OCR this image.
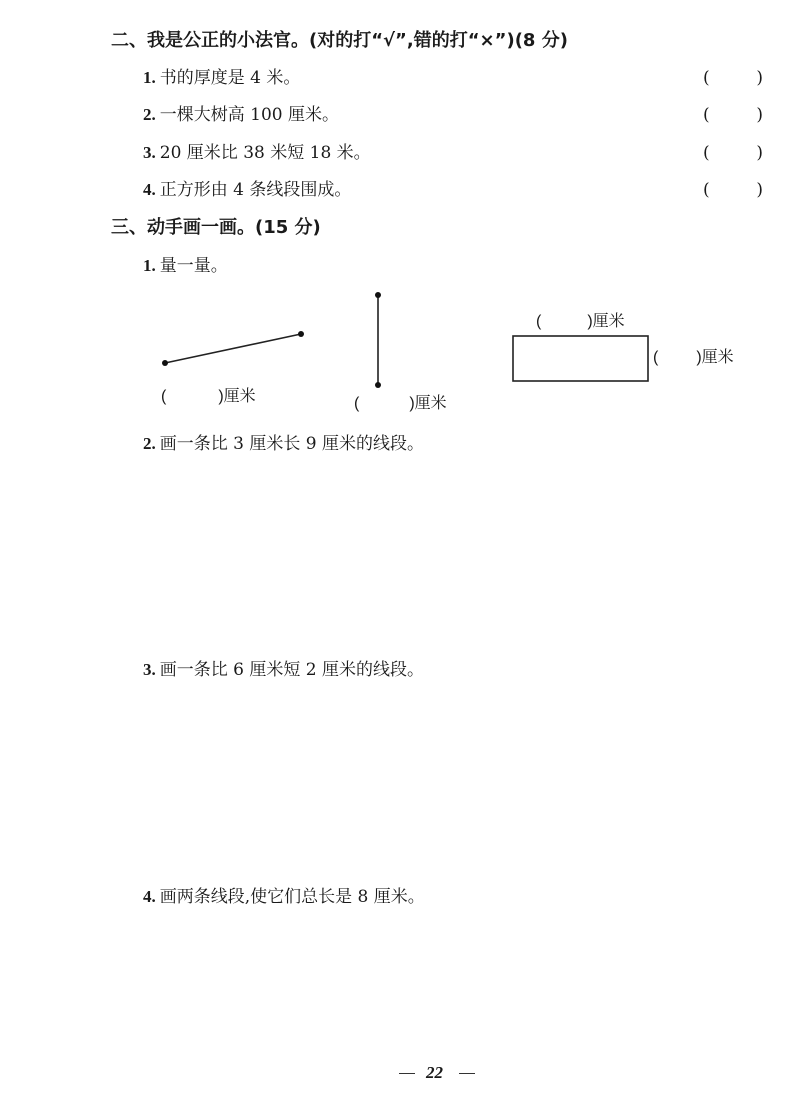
二、我是公正的小法官。(对的打“√”,错的打“×”)(8 分)
1. 书的厚度是 4 米。	(	)
2. 一棵大树高 100 厘米。	(	)
3. 20 厘米比 38 米短 18 米。	(	)
4. 正方形由 4 条线段围成。	(	)
三、动手画一画。(15 分)
1. 量一量。
(	) 厘米	(	) 厘米
(	) 厘米
( ) 厘米
2. 画一条比 3 厘米长 9 厘米的线段。
3. 画一条比 6 厘米短 2 厘米的线段。
4. 画两条线段,使它们总长是 8 厘米。
22
